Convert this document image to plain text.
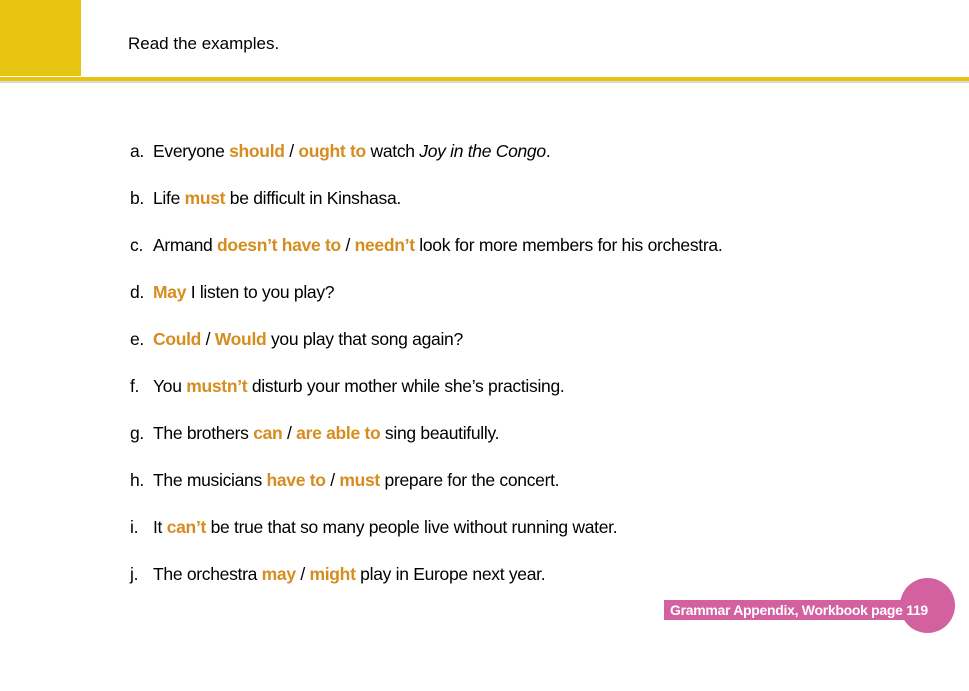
Read the examples.
a. Everyone should / ought to watch Joy in the Congo.
b. Life must be difficult in Kinshasa.
c. Armand doesn’t have to / needn’t look for more members for his orchestra.
d. May I listen to you play?
e. Could / Would you play that song again?
f. You mustn’t disturb your mother while she’s practising.
g. The brothers can / are able to sing beautifully.
h. The musicians have to / must prepare for the concert.
i. It can’t be true that so many people live without running water.
j. The orchestra may / might play in Europe next year.
Grammar Appendix, Workbook page 119
